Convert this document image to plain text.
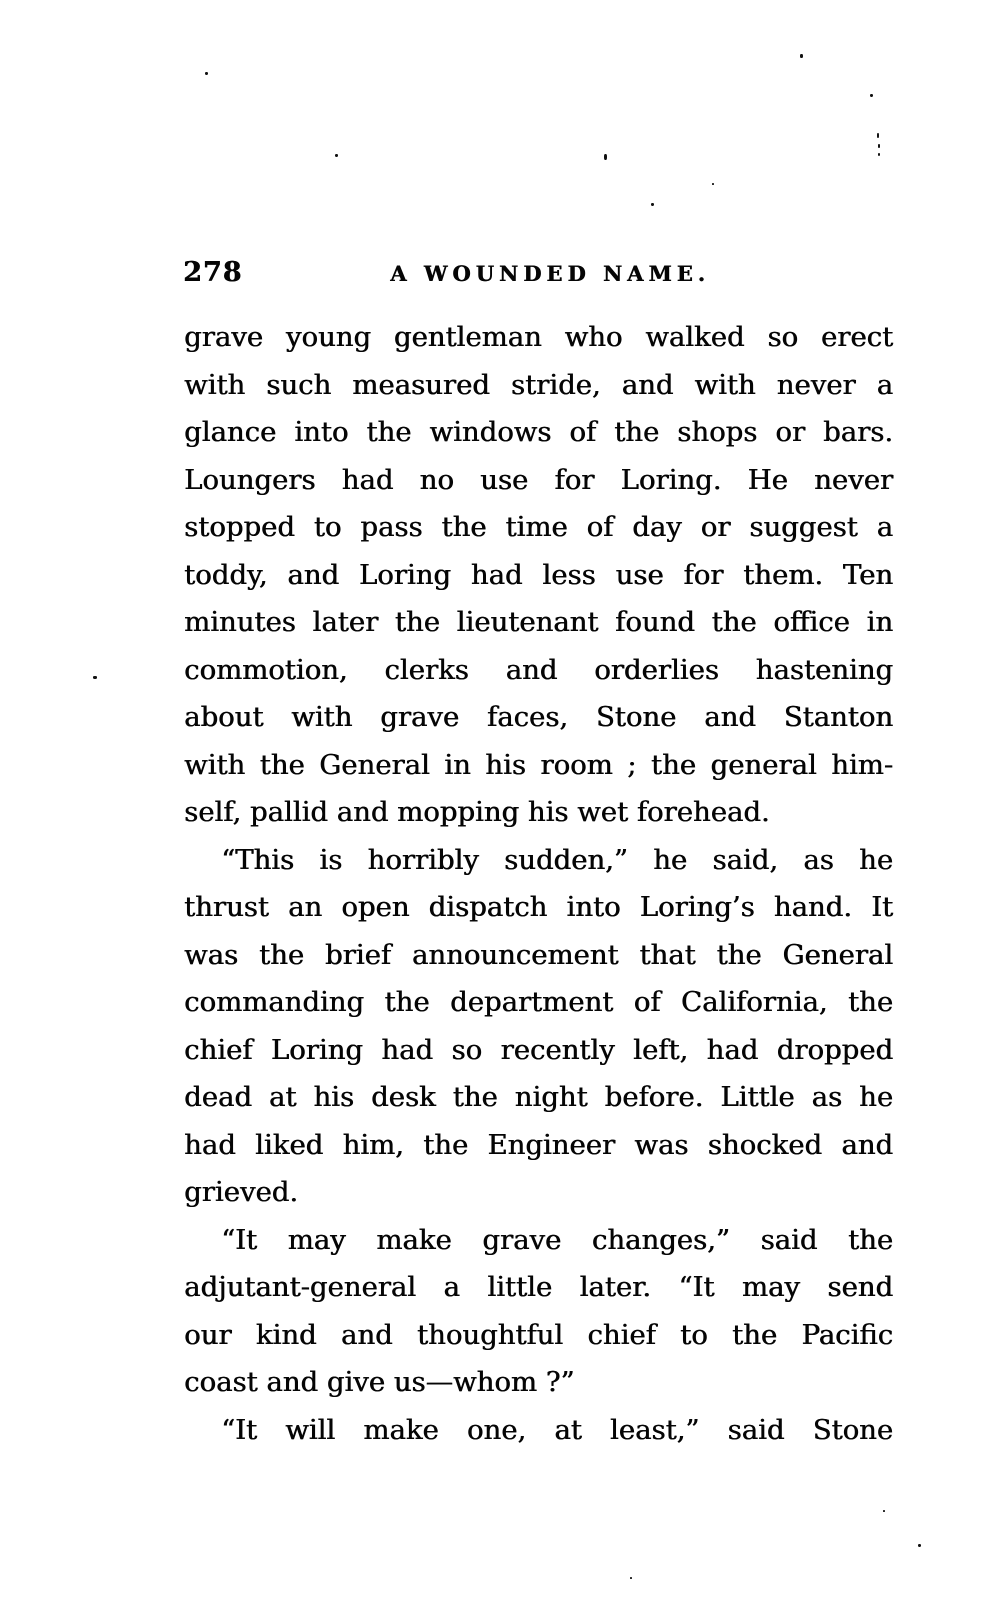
278	A WOUNDED NAME.
grave young gentleman who walked so erect
with such measured stride, and with never a
glance into the windows of the shops or bars.
Loungers had no use for Loring. He never
stopped to pass the time of day or suggest a
toddy, and Loring had less use for them. Ten
minutes later the lieutenant found the office in
commotion, clerks and orderlies hastening
about with grave faces, Stone and Stanton
with the General in his room ; the general him-
self, pallid and mopping his wet forehead.
“This is horribly sudden,” he said, as he
thrust an open dispatch into Loring’s hand. It
was the brief announcement that the General
commanding the department of California, the
chief Loring had so recently left, had dropped
dead at his desk the night before. Little as he
had liked him, the Engineer was shocked and
grieved.
“It may make grave changes,” said the
adjutant-general a little later. “It may send
our kind and thoughtful chief to the Pacific
coast and give us—whom ?”
“It will make one, at least,” said Stone
